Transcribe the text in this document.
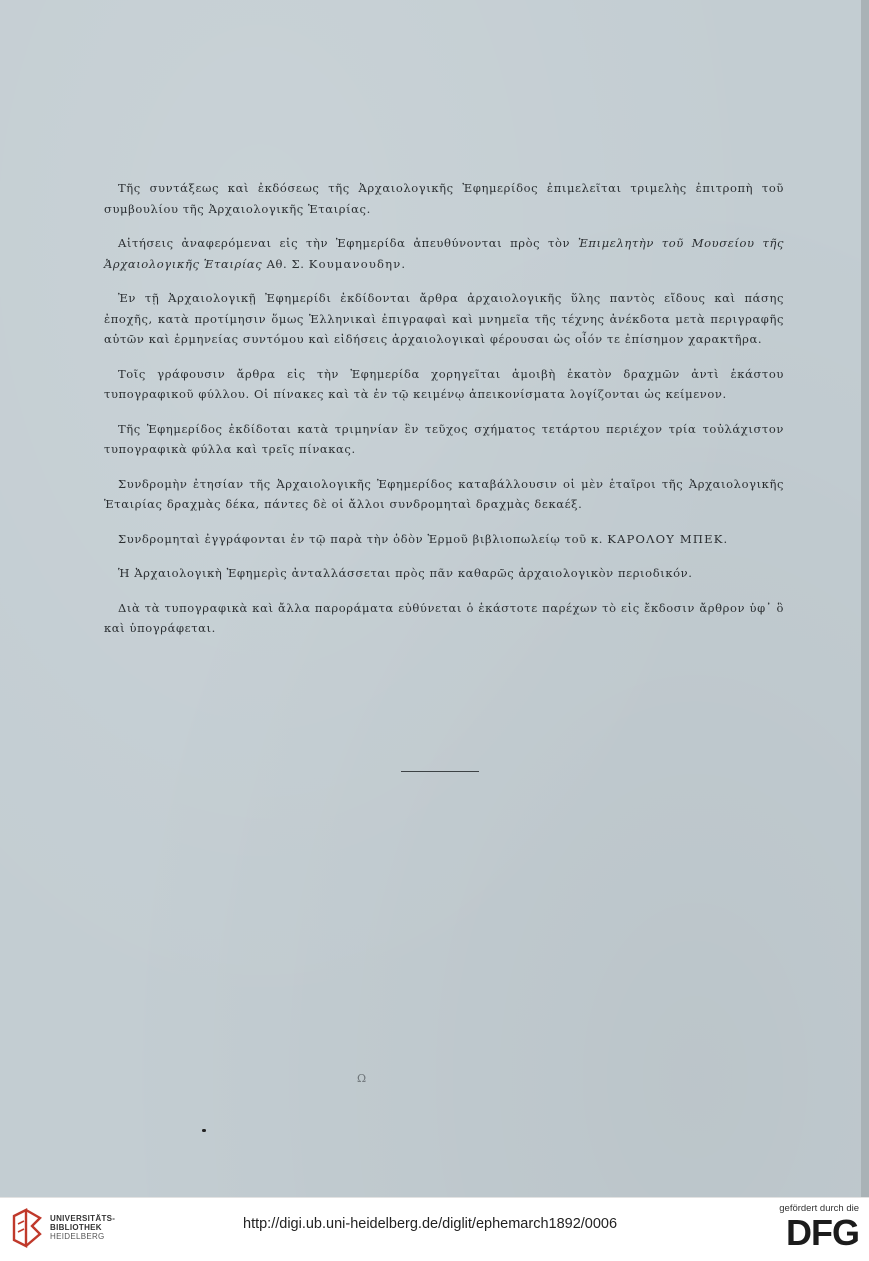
Τῆς συντάξεως καὶ ἐκδόσεως τῆς Ἀρχαιολογικῆς Ἐφημερίδος ἐπιμελεῖται τριμελὴς ἐπιτροπὴ τοῦ συμβουλίου τῆς Ἀρχαιολογικῆς Ἑταιρίας.

Αἰτήσεις ἀναφερόμεναι εἰς τὴν Ἐφημερίδα ἀπευθύνονται πρὸς τὸν Ἐπιμελητὴν τοῦ Μουσείου τῆς Ἀρχαιολογικῆς Ἑταιρίας Αθ. Σ. Κουμανουδην.

Ἐν τῇ Ἀρχαιολογικῇ Ἐφημερίδι ἐκδίδονται ἄρθρα ἀρχαιολογικῆς ὕλης παντὸς εἴδους καὶ πάσης ἐποχῆς, κατὰ προτίμησιν ὅμως Ἑλληνικαὶ ἐπιγραφαὶ καὶ μνημεῖα τῆς τέχνης ἀνέκδοτα μετὰ περιγραφῆς αὐτῶν καὶ ἑρμηνείας συντόμου καὶ εἰδήσεις ἀρχαιολογικαὶ φέρουσαι ὡς οἷόν τε ἐπίσημον χαρακτῆρα.

Τοῖς γράφουσιν ἄρθρα εἰς τὴν Ἐφημερίδα χορηγεῖται ἀμοιβὴ ἑκατὸν δραχμῶν ἀντὶ ἑκάστου τυπογραφικοῦ φύλλου. Οἱ πίνακες καὶ τὰ ἐν τῷ κειμένῳ ἀπεικονίσματα λογίζονται ὡς κείμενον.

Τῆς Ἐφημερίδος ἐκδίδοται κατὰ τριμηνίαν ἓν τεῦχος σχήματος τετάρτου περιέχον τρία τοὐλάχιστον τυπογραφικὰ φύλλα καὶ τρεῖς πίνακας.

Συνδρομὴν ἐτησίαν τῆς Ἀρχαιολογικῆς Ἐφημερίδος καταβάλλουσιν οἱ μὲν ἑταῖροι τῆς Ἀρχαιολογικῆς Ἑταιρίας δραχμὰς δέκα, πάντες δὲ οἱ ἄλλοι συνδρομηταὶ δραχμὰς δεκαέξ.

Συνδρομηταὶ ἐγγράφονται ἐν τῷ παρὰ τὴν ὁδὸν Ἑρμοῦ βιβλιοπωλείῳ τοῦ κ. ΚΑΡΟΛΟΥ ΜΠΕΚ.

Ἡ Ἀρχαιολογικὴ Ἐφημερὶς ἀνταλλάσσεται πρὸς πᾶν καθαρῶς ἀρχαιολογικὸν περιοδικόν.

Διὰ τὰ τυπογραφικὰ καὶ ἄλλα παροράματα εὐθύνεται ὁ ἑκάστοτε παρέχων τὸ εἰς ἔκδοσιν ἄρθρον ὑφ᾽ ὃ καὶ ὑπογράφεται.

Ω
UNIVERSITÄTS-
BIBLIOTHEK
HEIDELBERG
http://digi.ub.uni-heidelberg.de/diglit/ephemarch1892/0006
gefördert durch die
DFG
